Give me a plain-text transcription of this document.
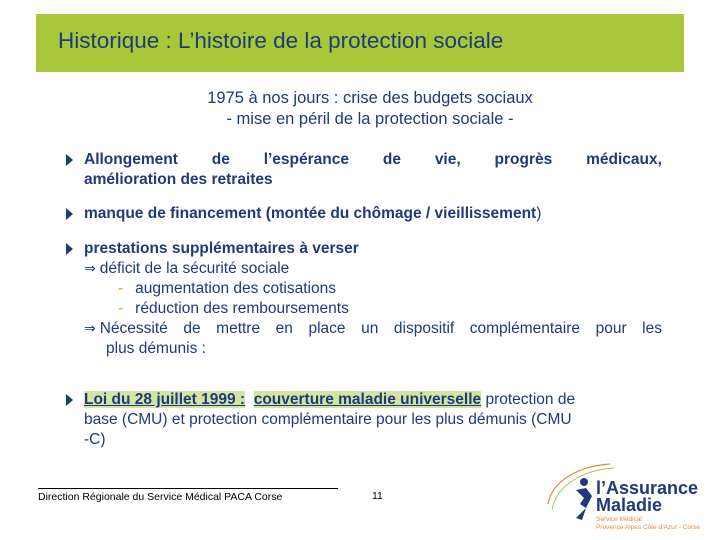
Historique : L’histoire de la protection sociale
1975 à nos jours : crise des budgets sociaux
- mise en péril de la protection sociale -
Allongement de l’espérance de vie, progrès médicaux,
amélioration des retraites
manque de financement (montée du chômage / vieillissement)
prestations supplémentaires à verser
⇒ déficit de la sécurité sociale
- augmentation des cotisations
- réduction des remboursements
⇒ Nécessité de mettre en place un dispositif complémentaire pour les
plus démunis :
Loi du 28 juillet 1999 : couverture maladie universelle protection de
base (CMU) et protection complémentaire pour les plus démunis (CMU
-C)
Direction Régionale du Service Médical PACA Corse	11	l’Assurance
Maladie
Service Médical
Provence Alpes Côte d’Azur - Corse
